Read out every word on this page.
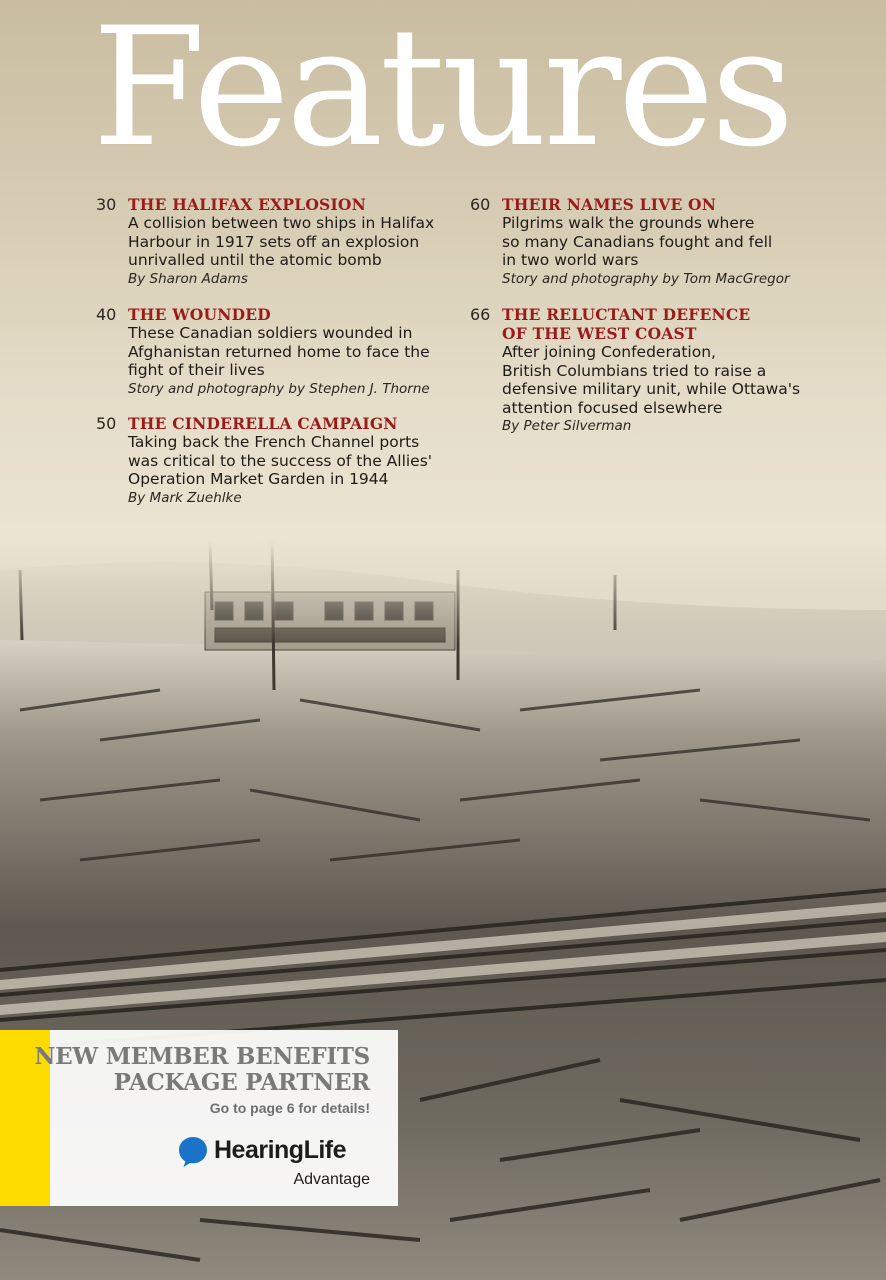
Features
30 THE HALIFAX EXPLOSION
A collision between two ships in Halifax
Harbour in 1917 sets off an explosion
unrivalled until the atomic bomb
By Sharon Adams
40 THE WOUNDED
These Canadian soldiers wounded in
Afghanistan returned home to face the
fight of their lives
Story and photography by Stephen J. Thorne
50 THE CINDERELLA CAMPAIGN
Taking back the French Channel ports
was critical to the success of the Allies'
Operation Market Garden in 1944
By Mark Zuehlke
60 THEIR NAMES LIVE ON
Pilgrims walk the grounds where
so many Canadians fought and fell
in two world wars
Story and photography by Tom MacGregor
66 THE RELUCTANT DEFENCE
OF THE WEST COAST
After joining Confederation,
British Columbians tried to raise a
defensive military unit, while Ottawa's
attention focused elsewhere
By Peter Silverman
NEW MEMBER BENEFITS
PACKAGE PARTNER
Go to page 6 for details!
HearingLife
Advantage
